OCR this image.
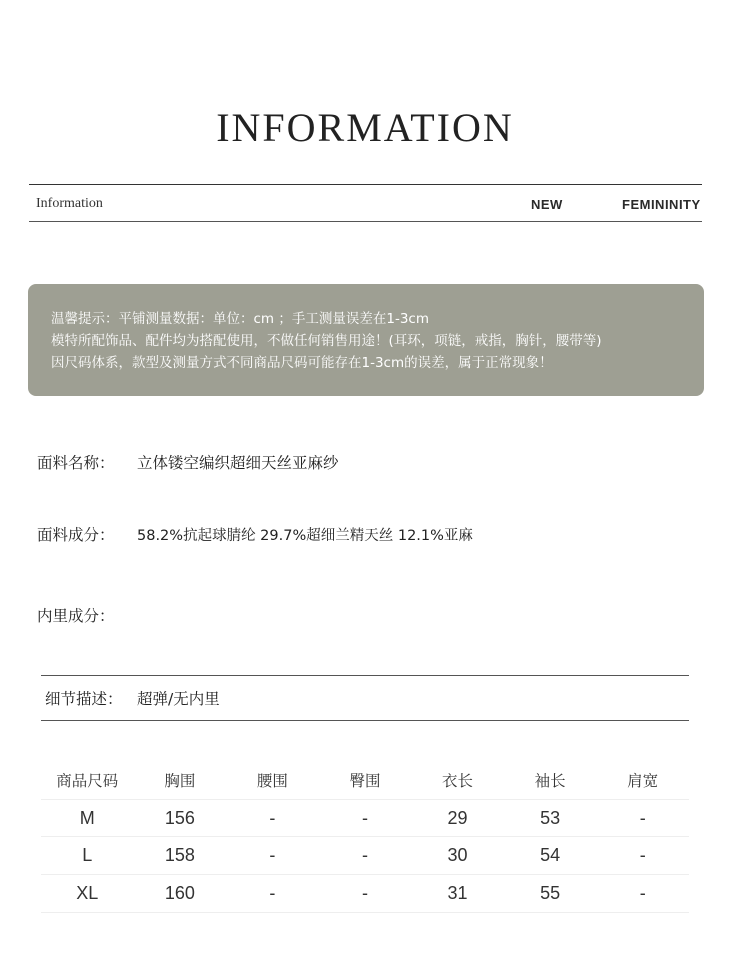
INFORMATION
Information	NEW	FEMININITY
温馨提示：平铺测量数据：单位：cm ；手工测量误差在1-3cm
模特所配饰品、配件均为搭配使用，不做任何销售用途！(耳环，项链，戒指，胸针，腰带等)
因尺码体系，款型及测量方式不同商品尺码可能存在1-3cm的误差，属于正常现象！
面料名称： 立体镂空编织超细天丝亚麻纱
面料成分： 58.2%抗起球腈纶 29.7%超细兰精天丝 12.1%亚麻
内里成分：
细节描述： 超弹/无内里
商品尺码	胸围	腰围	臀围	衣长	袖长	肩宽
M	156	-	-	29	53	-
L	158	-	-	30	54	-
XL	160	-	-	31	55	-
